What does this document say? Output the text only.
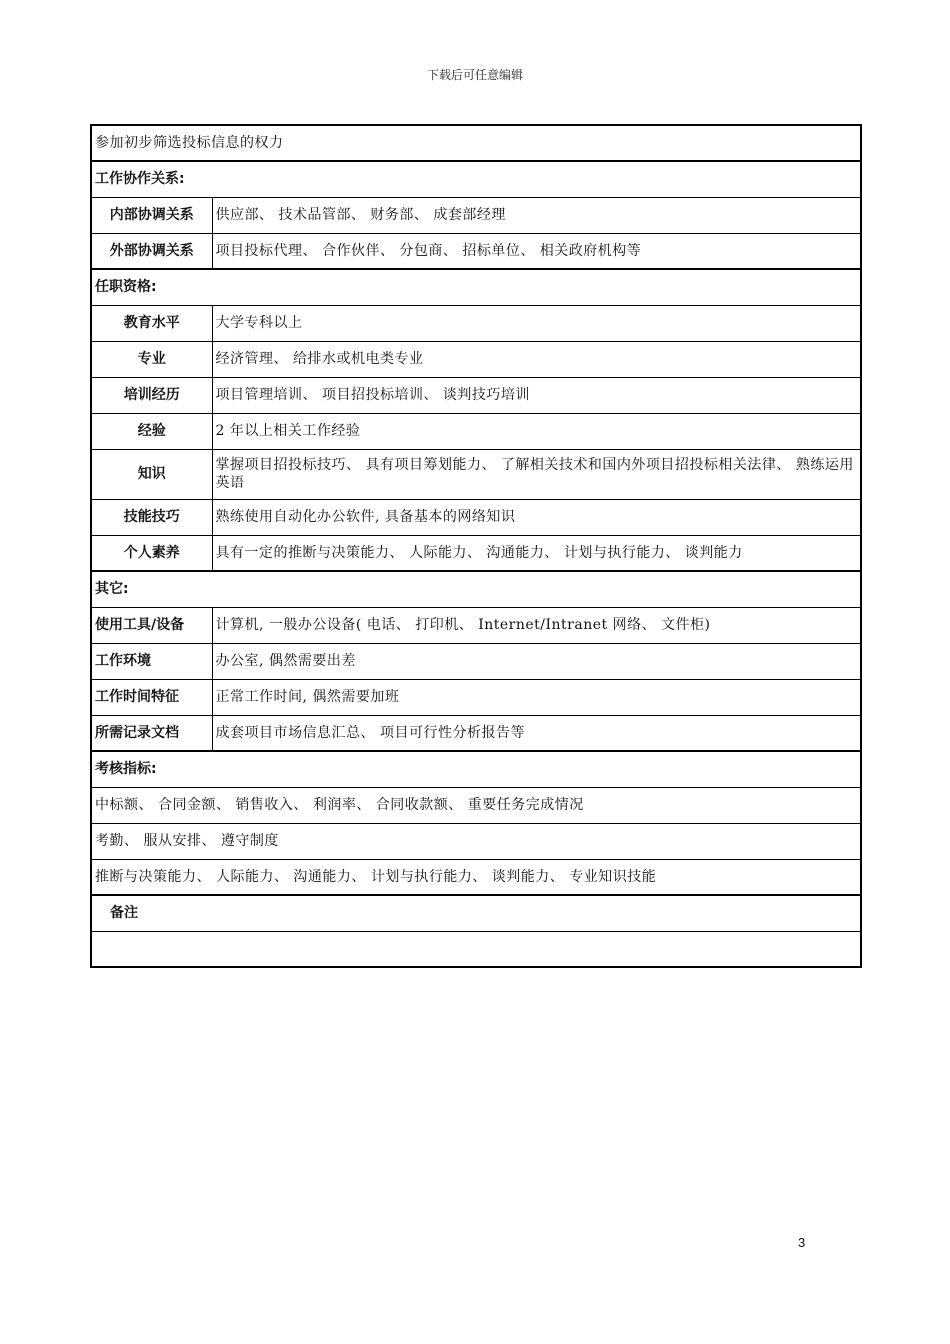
下载后可任意编辑
参加初步筛选投标信息的权力	
工作协作关系:	
内部协调关系	供应部、 技术品管部、 财务部、 成套部经理
外部协调关系	项目投标代理、 合作伙伴、 分包商、 招标单位、 相关政府机构等
任职资格:	
教育水平	大学专科以上
专业	经济管理、 给排水或机电类专业
培训经历	项目管理培训、 项目招投标培训、 谈判技巧培训
经验	2 年以上相关工作经验
知识	掌握项目招投标技巧、 具有项目筹划能力、 了解相关技术和国内外项目招投标相关法律、 熟练运用英语
技能技巧	熟练使用自动化办公软件, 具备基本的网络知识
个人素养	具有一定的推断与决策能力、 人际能力、 沟通能力、 计划与执行能力、 谈判能力
其它:	
使用工具/设备	计算机, 一般办公设备( 电话、 打印机、 Internet/Intranet 网络、 文件柜)
工作环境	办公室, 偶然需要出差
工作时间特征	正常工作时间, 偶然需要加班
所需记录文档	成套项目市场信息汇总、 项目可行性分析报告等
考核指标:	
中标额、 合同金额、 销售收入、 利润率、 合同收款额、 重要任务完成情况	
考勤、 服从安排、 遵守制度	
推断与决策能力、 人际能力、 沟通能力、 计划与执行能力、 谈判能力、 专业知识技能	
备注	

3
